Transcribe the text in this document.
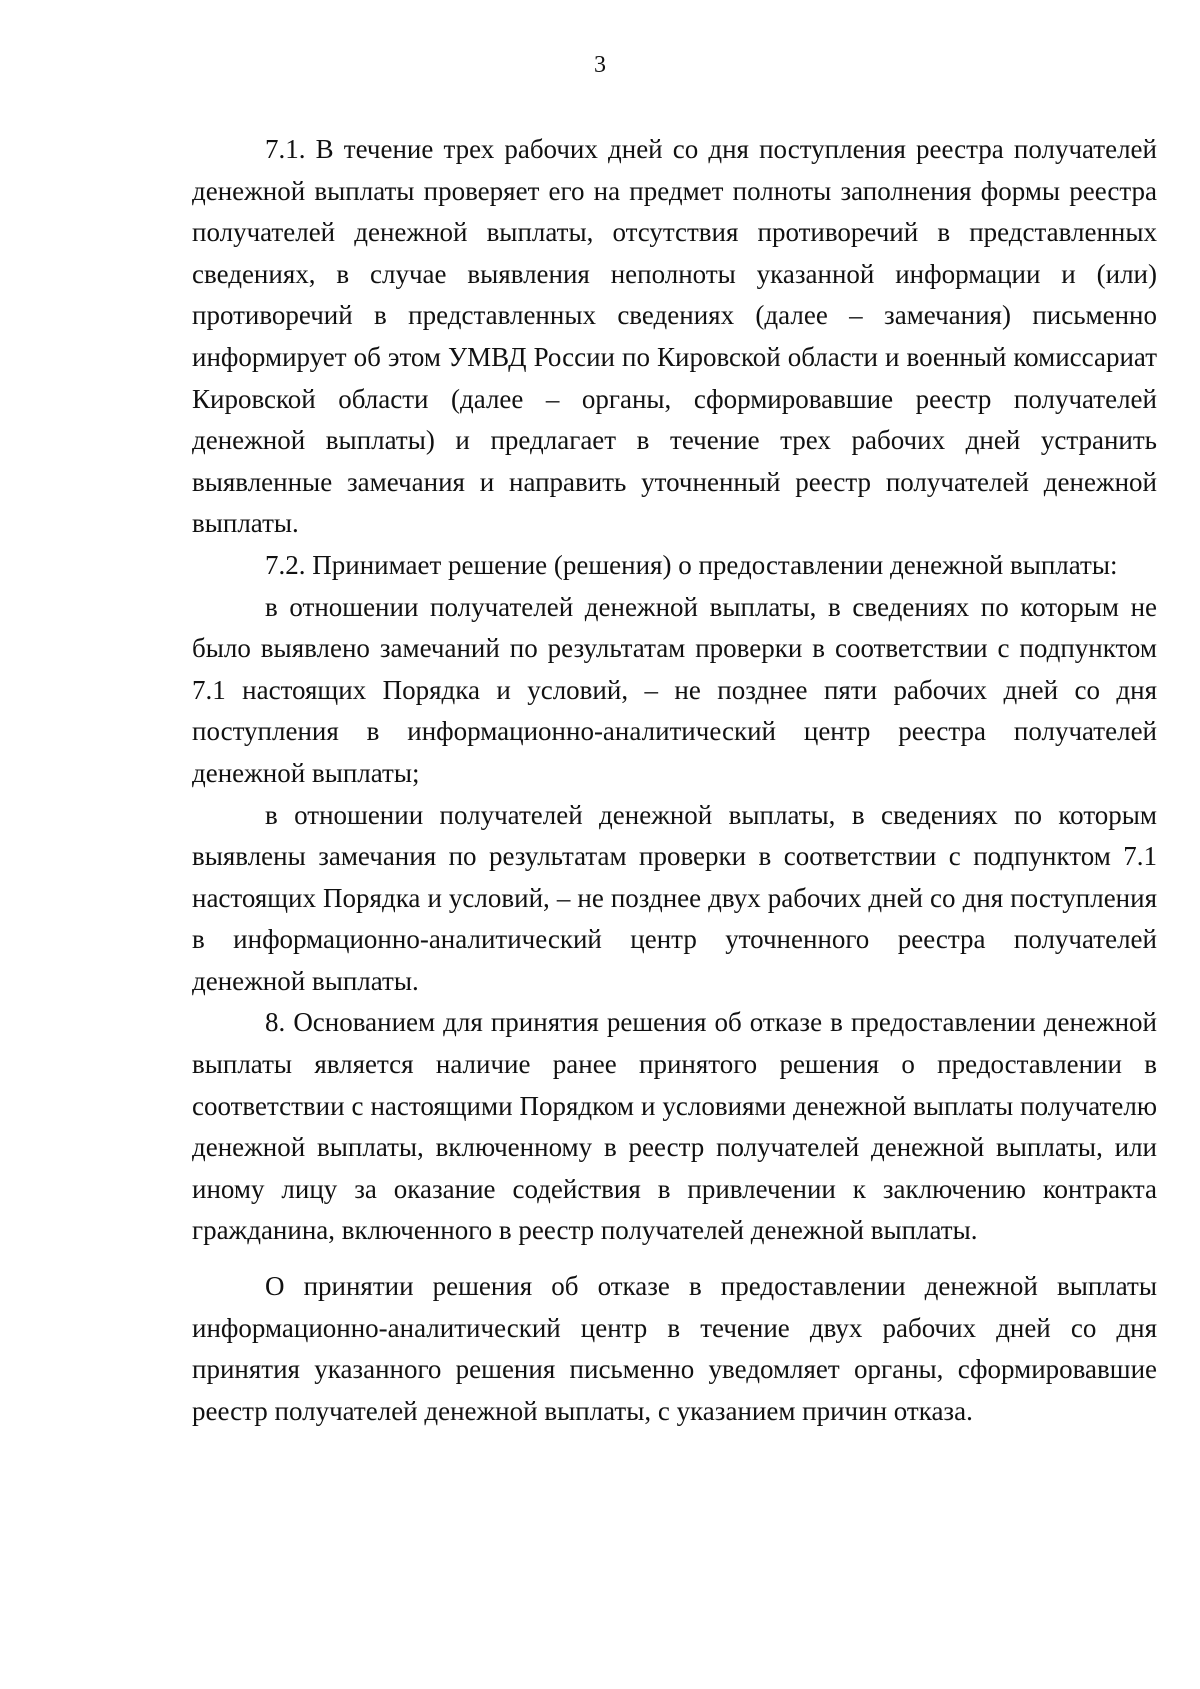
3

7.1. В течение трех рабочих дней со дня поступления реестра получателей денежной выплаты проверяет его на предмет полноты заполнения формы реестра получателей денежной выплаты, отсутствия противоречий в представленных сведениях, в случае выявления неполноты указанной информации и (или) противоречий в представленных сведениях (далее – замечания) письменно информирует об этом УМВД России по Кировской области и военный комиссариат Кировской области (далее – органы, сформировавшие реестр получателей денежной выплаты) и предлагает в течение трех рабочих дней устранить выявленные замечания и направить уточненный реестр получателей денежной выплаты.

7.2. Принимает решение (решения) о предоставлении денежной выплаты:

в отношении получателей денежной выплаты, в сведениях по которым не было выявлено замечаний по результатам проверки в соответствии с подпунктом 7.1 настоящих Порядка и условий, – не позднее пяти рабочих дней со дня поступления в информационно-аналитический центр реестра получателей денежной выплаты;

в отношении получателей денежной выплаты, в сведениях по которым выявлены замечания по результатам проверки в соответствии с подпунктом 7.1 настоящих Порядка и условий, – не позднее двух рабочих дней со дня поступления в информационно-аналитический центр уточненного реестра получателей денежной выплаты.

8. Основанием для принятия решения об отказе в предоставлении денежной выплаты является наличие ранее принятого решения о предоставлении в соответствии с настоящими Порядком и условиями денежной выплаты получателю денежной выплаты, включенному в реестр получателей денежной выплаты, или иному лицу за оказание содействия в привлечении к заключению контракта гражданина, включенного в реестр получателей денежной выплаты.

О принятии решения об отказе в предоставлении денежной выплаты информационно-аналитический центр в течение двух рабочих дней со дня принятия указанного решения письменно уведомляет органы, сформировавшие реестр получателей денежной выплаты, с указанием причин отказа.
